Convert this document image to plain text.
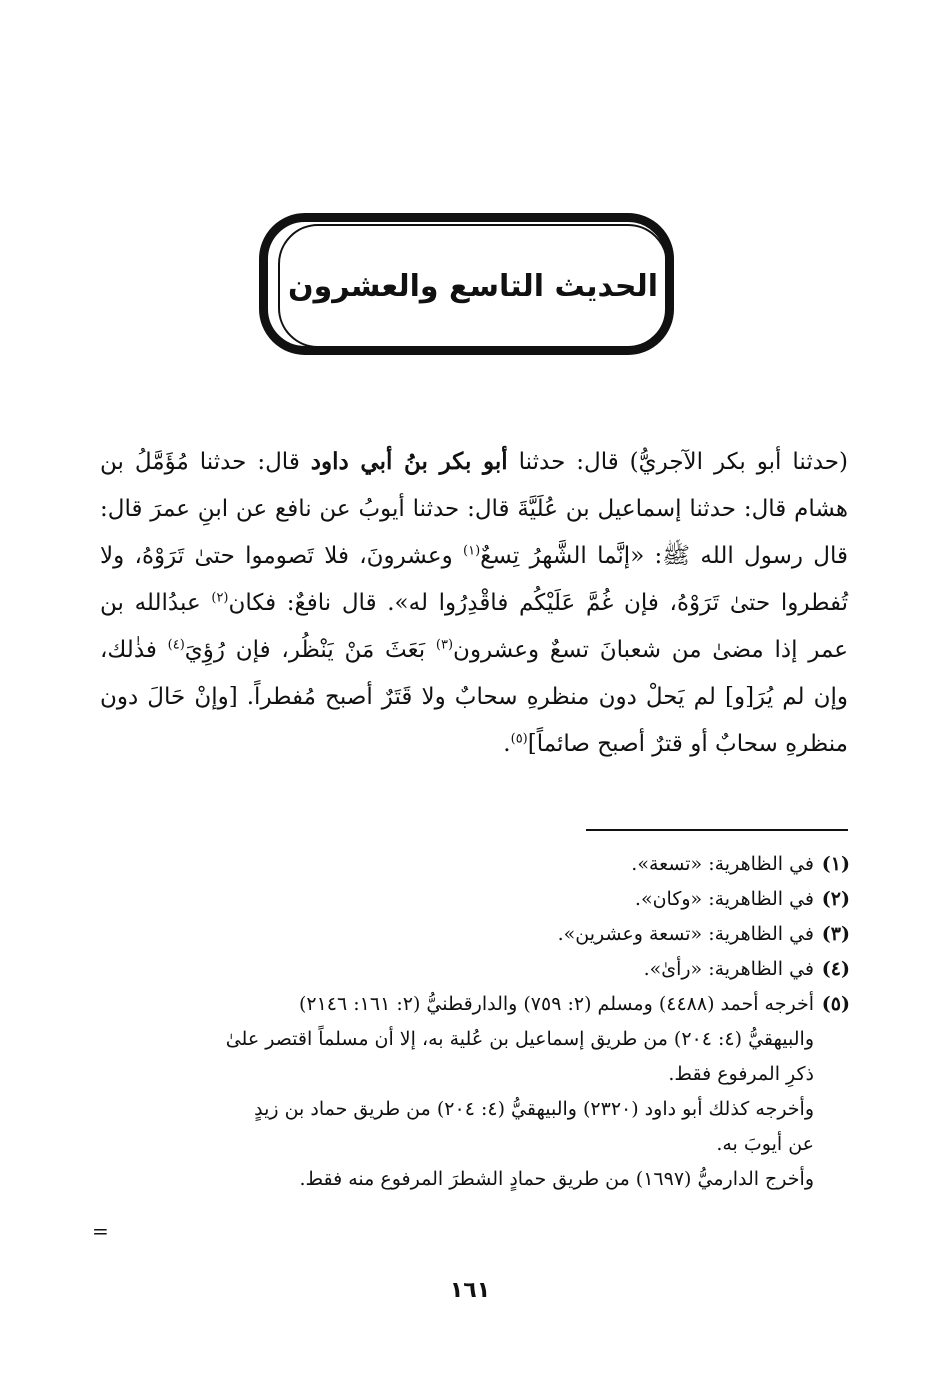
الحديث التاسع والعشرون

(حدثنا أبو بكر الآجريُّ) قال: حدثنا أبو بكر بنُ أبي داود قال: حدثنا مُؤَمَّلُ بن هشام قال: حدثنا إسماعيل بن عُلَيَّةَ قال: حدثنا أيوبُ عن نافع عن ابنِ عمرَ قال: قال رسول الله ﷺ: «إنَّما الشَّهرُ تِسعٌ$^{(١)}$ وعشرونَ، فلا تَصوموا حتىٰ تَرَوْهُ، ولا تُفطروا حتىٰ تَرَوْهُ، فإن غُمَّ عَلَيْكُم فاقْدِرُوا له». قال نافعٌ: فكان$^{(٢)}$ عبدُالله بن عمر إذا مضىٰ من شعبانَ تسعٌ وعشرون$^{(٣)}$ بَعَثَ مَنْ يَنْظُر، فإن رُؤِيَ$^{(٤)}$ فذٰلك، وإن لم يُرَ[و] لم يَحلْ دون منظرهِ سحابٌ ولا قَتَرٌ أصبح مُفطراً. [وإنْ حَالَ دون منظرهِ سحابٌ أو قترٌ أصبح صائماً]$^{(٥)}$.

(١)
في الظاهرية: «تسعة».
(٢)
في الظاهرية: «وكان».
(٣)
في الظاهرية: «تسعة وعشرين».
(٤)
في الظاهرية: «رأىٰ».
(٥)
أخرجه أحمد (٤٤٨٨) ومسلم (٢: ٧٥٩) والدارقطنيُّ (٢: ١٦١: ٢١٤٦)
والبيهقيُّ (٤: ٢٠٤) من طريق إسماعيل بن عُلية به، إلا أن مسلماً اقتصر علىٰ
ذكرِ المرفوع فقط.
وأخرجه كذلك أبو داود (٢٣٢٠) والبيهقيُّ (٤: ٢٠٤) من طريق حماد بن زيدٍ
عن أيوبَ به.
وأخرج الدارميُّ (١٦٩٧) من طريق حمادٍ الشطرَ المرفوع منه فقط.
=
١٦١
